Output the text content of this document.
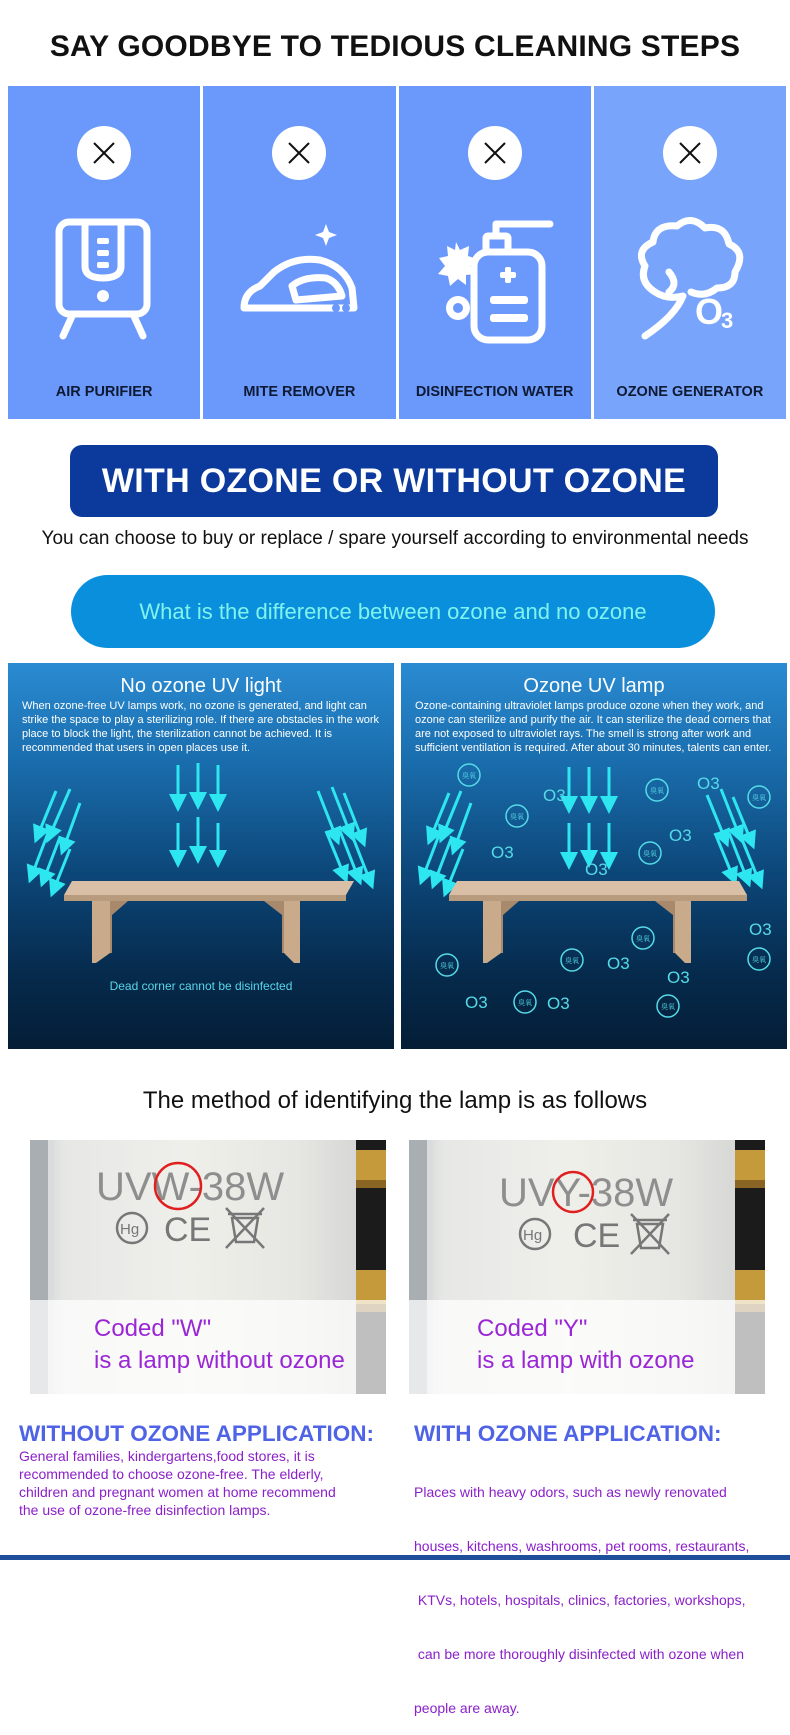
SAY GOODBYE TO TEDIOUS CLEANING STEPS
AIR PURIFIER	MITE REMOVER	DISINFECTION WATER
O
3
OZONE GENERATOR
WITH OZONE OR WITHOUT OZONE
You can choose to buy or replace / spare yourself according to environmental needs
What is the difference between ozone and no ozone
No ozone UV light
When ozone-free UV lamps work, no ozone is generated, and light can strike the space to play a sterilizing role. If there are obstacles in the work place to block the light, the sterilization cannot be achieved. It is recommended that users in open places use it.
Dead corner cannot be disinfected
O3
O3
O3
O3
O3
O3
O3
O3
O3	O3
臭氧
臭氧
臭氧
臭氧
臭氧
臭氧
臭氧
臭氧
臭氧	臭氧
臭氧
Ozone UV lamp
Ozone-containing ultraviolet lamps produce ozone when they work, and ozone can sterilize and purify the air. It can sterilize the dead corners that are not exposed to ultraviolet rays. The smell is strong after work and sufficient ventilation is required. After about 30 minutes, talents can enter.
The method of identifying the lamp is as follows
UVW-38W
Hg CE
Coded "W"
is a lamp without ozone
UVY-38W
Hg CE
Coded "Y"
is a lamp with ozone
WITHOUT OZONE APPLICATION:
General families, kindergartens,food stores, it is
recommended to choose ozone-free. The elderly,
children and pregnant women at home recommend
the use of ozone-free disinfection lamps.
WITH OZONE APPLICATION:

Places with heavy odors, such as newly renovated

houses, kitchens, washrooms, pet rooms, restaurants,

KTVs, hotels, hospitals, clinics, factories, workshops,

can be more thoroughly disinfected with ozone when

people are away.
